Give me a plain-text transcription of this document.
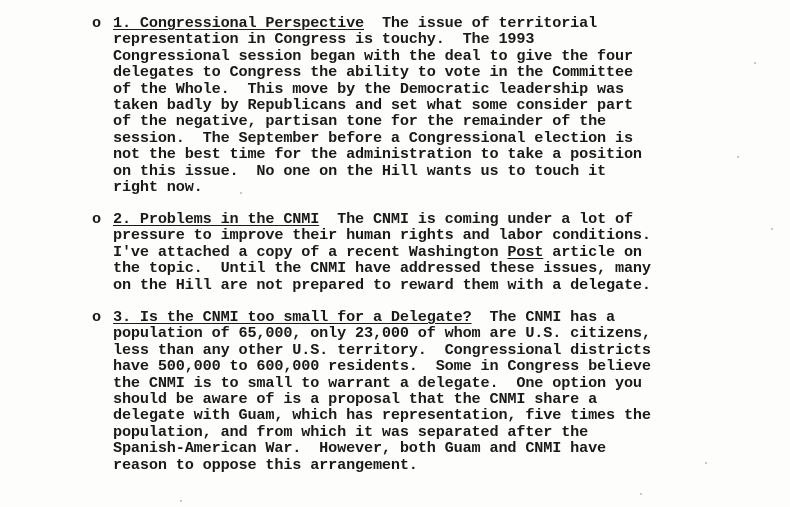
o 1. Congressional Perspective The issue of territorial
representation in Congress is touchy.  The 1993
Congressional session began with the deal to give the four
delegates to Congress the ability to vote in the Committee
of the Whole.  This move by the Democratic leadership was
taken badly by Republicans and set what some consider part
of the negative, partisan tone for the remainder of the
session.  The September before a Congressional election is
not the best time for the administration to take a position
on this issue.  No one on the Hill wants us to touch it
right now.
o 2. Problems in the CNMI The CNMI is coming under a lot of
pressure to improve their human rights and labor conditions.
I've attached a copy of a recent Washington Post article on
the topic.  Until the CNMI have addressed these issues, many
on the Hill are not prepared to reward them with a delegate.
o 3. Is the CNMI too small for a Delegate? The CNMI has a
population of 65,000, only 23,000 of whom are U.S. citizens,
less than any other U.S. territory.  Congressional districts
have 500,000 to 600,000 residents.  Some in Congress believe
the CNMI is to small to warrant a delegate.  One option you
should be aware of is a proposal that the CNMI share a
delegate with Guam, which has representation, five times the
population, and from which it was separated after the
Spanish-American War.  However, both Guam and CNMI have
reason to oppose this arrangement.
